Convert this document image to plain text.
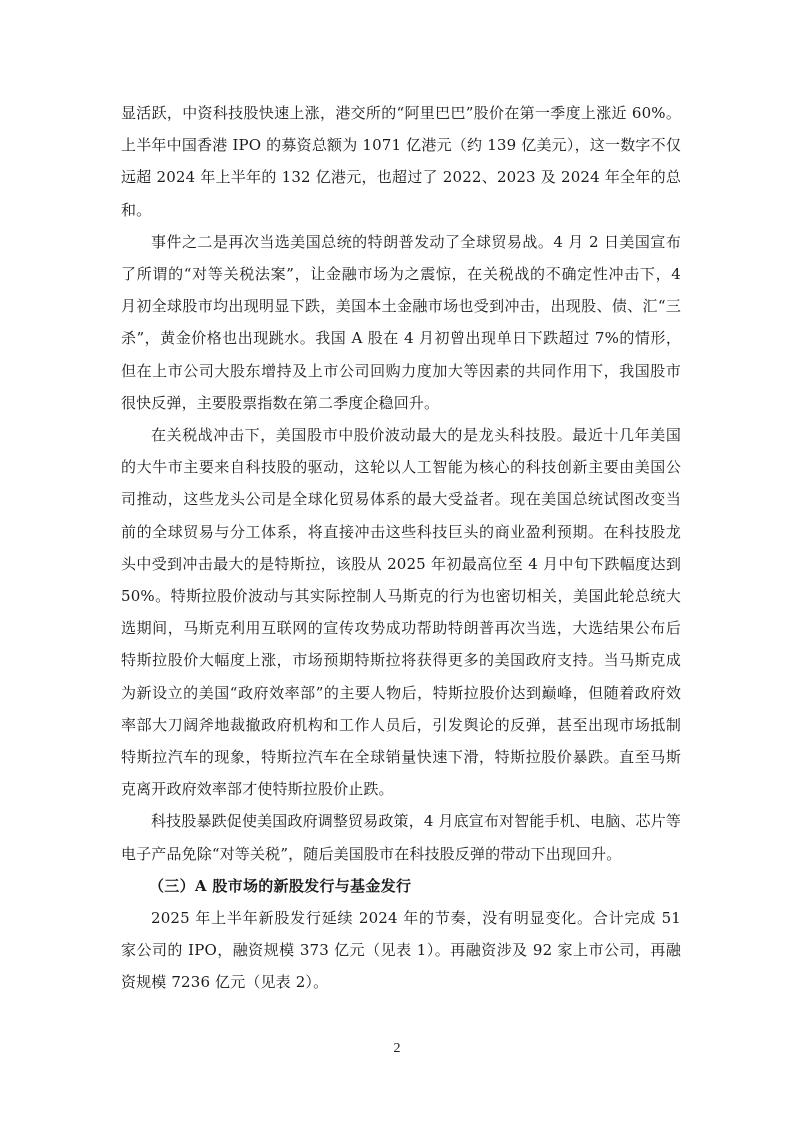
显活跃，中资科技股快速上涨，港交所的“阿里巴巴”股价在第一季度上涨近 60%。上半年中国香港 IPO 的募资总额为 1071 亿港元（约 139 亿美元），这一数字不仅远超 2024 年上半年的 132 亿港元，也超过了 2022、2023 及 2024 年全年的总和。

事件之二是再次当选美国总统的特朗普发动了全球贸易战。4 月 2 日美国宣布了所谓的“对等关税法案”，让金融市场为之震惊，在关税战的不确定性冲击下，4 月初全球股市均出现明显下跌，美国本土金融市场也受到冲击，出现股、债、汇“三杀”，黄金价格也出现跳水。我国 A 股在 4 月初曾出现单日下跌超过 7%的情形，但在上市公司大股东增持及上市公司回购力度加大等因素的共同作用下，我国股市很快反弹，主要股票指数在第二季度企稳回升。

在关税战冲击下，美国股市中股价波动最大的是龙头科技股。最近十几年美国的大牛市主要来自科技股的驱动，这轮以人工智能为核心的科技创新主要由美国公司推动，这些龙头公司是全球化贸易体系的最大受益者。现在美国总统试图改变当前的全球贸易与分工体系，将直接冲击这些科技巨头的商业盈利预期。在科技股龙头中受到冲击最大的是特斯拉，该股从 2025 年初最高位至 4 月中旬下跌幅度达到 50%。特斯拉股价波动与其实际控制人马斯克的行为也密切相关，美国此轮总统大选期间，马斯克利用互联网的宣传攻势成功帮助特朗普再次当选，大选结果公布后特斯拉股价大幅度上涨，市场预期特斯拉将获得更多的美国政府支持。当马斯克成为新设立的美国“政府效率部”的主要人物后，特斯拉股价达到巅峰，但随着政府效率部大刀阔斧地裁撤政府机构和工作人员后，引发舆论的反弹，甚至出现市场抵制特斯拉汽车的现象，特斯拉汽车在全球销量快速下滑，特斯拉股价暴跌。直至马斯克离开政府效率部才使特斯拉股价止跌。

科技股暴跌促使美国政府调整贸易政策，4 月底宣布对智能手机、电脑、芯片等电子产品免除“对等关税”，随后美国股市在科技股反弹的带动下出现回升。

（三）A 股市场的新股发行与基金发行

2025 年上半年新股发行延续 2024 年的节奏，没有明显变化。合计完成 51 家公司的 IPO，融资规模 373 亿元（见表 1）。再融资涉及 92 家上市公司，再融资规模 7236 亿元（见表 2）。

2
